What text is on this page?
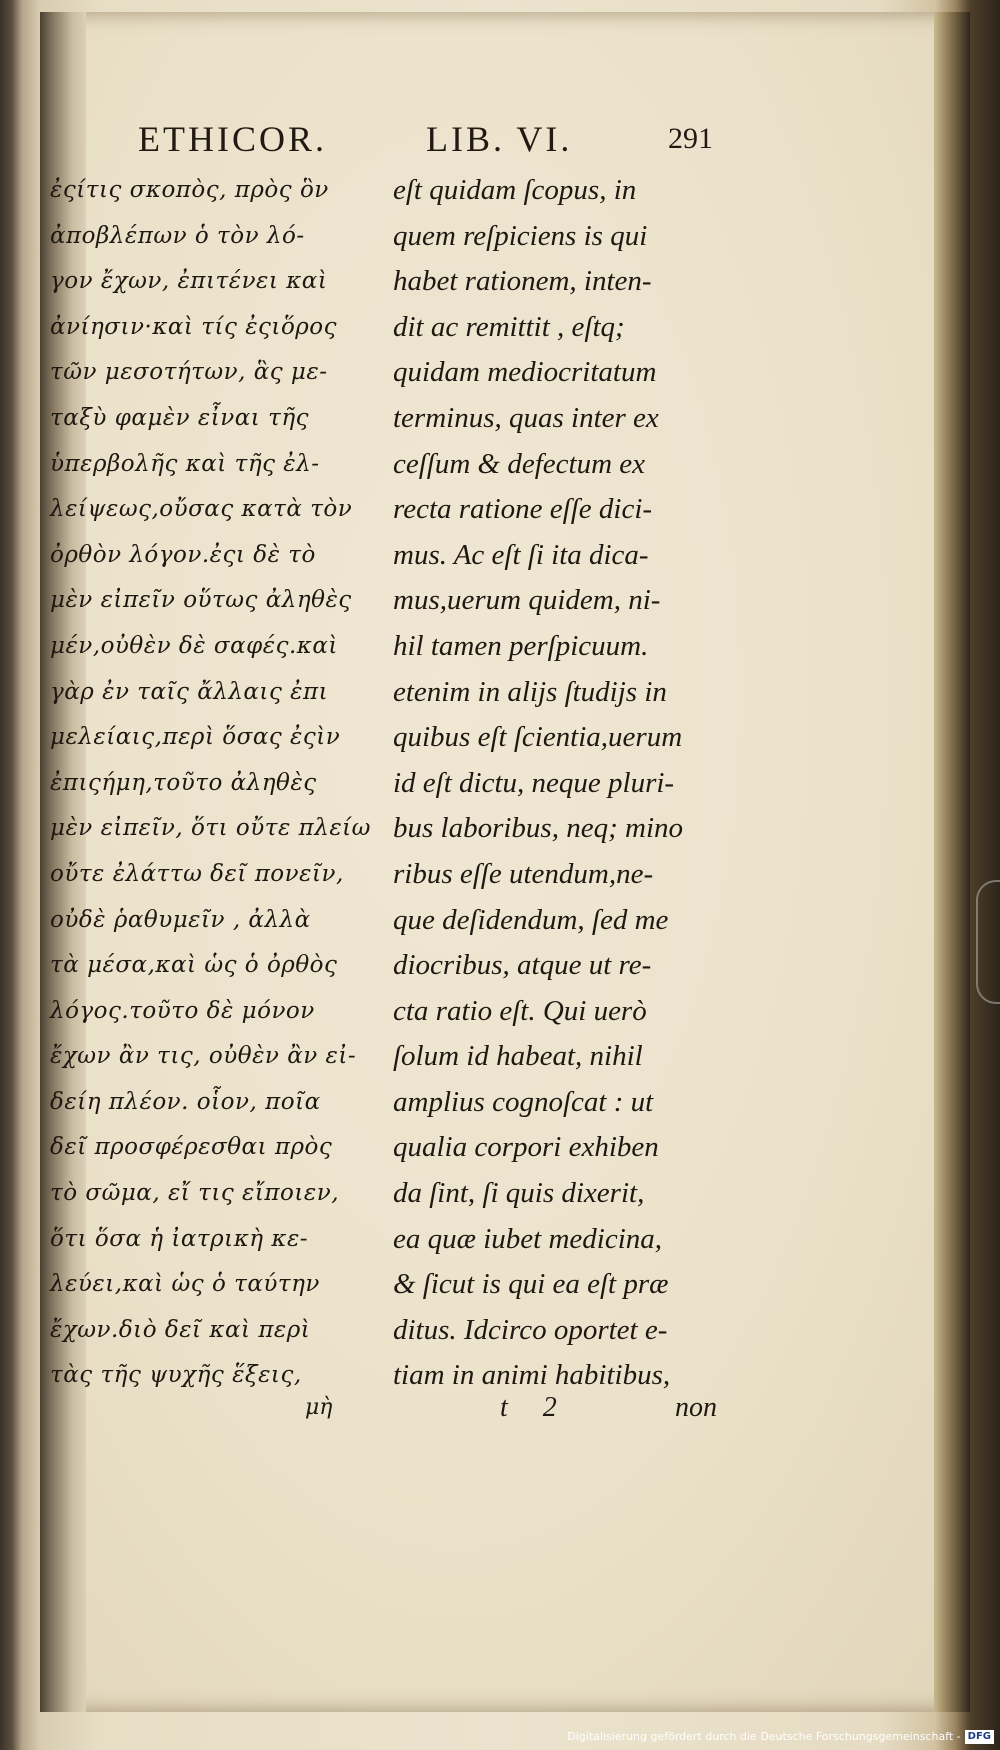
ETHICOR.	LIB. VI.	291
ἐςίτις σκοπὸς, πρὸς ὃν
ἀποβλέπων ὁ τὸν λό-
γον ἔχων, ἐπιτένει καὶ
ἀνίησιν·καὶ τίς ἐςιὅρος
τῶν μεσοτήτων, ἃς με-
ταξὺ φαμὲν εἶναι τῆς
ὑπερβολῆς καὶ τῆς ἐλ-
λείψεως,οὔσας κατὰ τὸν
ὀρθὸν λόγον.ἐςι δὲ τὸ
μὲν εἰπεῖν οὕτως ἀληθὲς
μέν,οὐθὲν δὲ σαφές.καὶ
γὰρ ἐν ταῖς ἄλλαις ἐπι
μελείαις,περὶ ὅσας ἐςὶν
ἐπιςήμη,τοῦτο ἀληθὲς
μὲν εἰπεῖν, ὅτι οὔτε πλείω
οὔτε ἐλάττω δεῖ πονεῖν,
οὐδὲ ῥαθυμεῖν , ἀλλὰ
τὰ μέσα,καὶ ὡς ὁ ὀρθὸς
λόγος.τοῦτο δὲ μόνον
ἔχων ἂν τις, οὐθὲν ἂν εἰ-
δείη πλέον. οἷον, ποῖα
δεῖ προσφέρεσθαι πρὸς
τὸ σῶμα, εἴ τις εἴποιεν,
ὅτι ὅσα ἡ ἰατρικὴ κε-
λεύει,καὶ ὡς ὁ ταύτην
ἔχων.διὸ δεῖ καὶ περὶ
τὰς τῆς ψυχῆς ἕξεις,
eſt quidam ſcopus, in
quem reſpiciens is qui
habet rationem, inten-
dit ac remittit , eſtq;
quidam mediocritatum
terminus, quas inter ex
ceſſum & defectum ex
recta ratione eſſe dici-
mus. Ac eſt ſi ita dica-
mus,uerum quidem, ni-
hil tamen perſpicuum.
etenim in alijs ſtudijs in
quibus eſt ſcientia,uerum
id eſt dictu, neque pluri-
bus laboribus, neq; mino
ribus eſſe utendum,ne-
que deſidendum, ſed me
diocribus, atque ut re-
cta ratio eſt. Qui uerò
ſolum id habeat, nihil
amplius cognoſcat : ut
qualia corpori exhiben
da ſint, ſi quis dixerit,
ea quæ iubet medicina,
& ſicut is qui ea eſt præ
ditus. Idcirco oportet e-
tiam in animi habitibus,
μὴ	t 2	non
Digitalisierung gefördert durch die Deutsche Forschungsgemeinschaft - DFG
